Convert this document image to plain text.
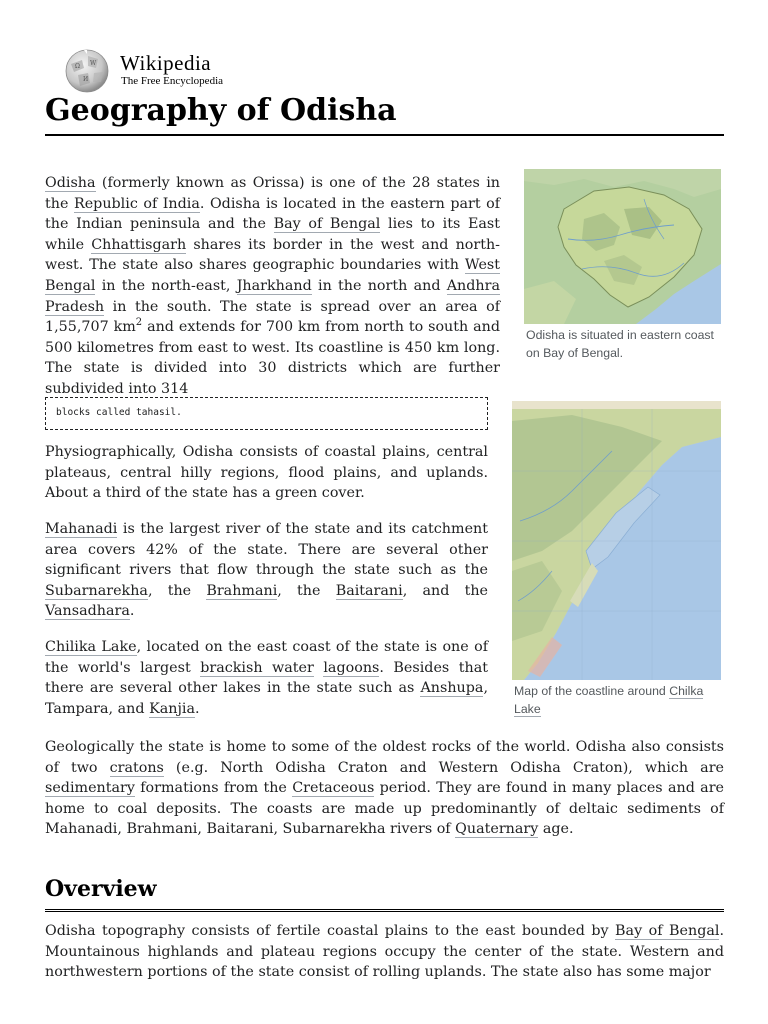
Ω W
И
Wikipedia
The Free Encyclopedia
Geography of Odisha

Odisha (formerly known as Orissa) is one of the 28 states in the Republic of India. Odisha is located in the eastern part of the Indian peninsula and the Bay of Bengal lies to its East while Chhattisgarh shares its border in the west and north-west. The state also shares geographic boundaries with West Bengal in the north-east, Jharkhand in the north and Andhra Pradesh in the south. The state is spread over an area of 1,55,707 $km^2$ and extends for 700 km from north to south and 500 kilometres from east to west. Its coastline is 450 km long. The state is divided into 30 districts which are further subdivided into 314

blocks called tahasil.

Physiographically, Odisha consists of coastal plains, central plateaus, central hilly regions, flood plains, and uplands. About a third of the state has a green cover.

Mahanadi is the largest river of the state and its catchment area covers 42% of the state. There are several other significant rivers that flow through the state such as the Subarnarekha, the Brahmani, the Baitarani, and the Vansadhara.

Chilika Lake, located on the east coast of the state is one of the world's largest brackish water lagoons. Besides that there are several other lakes in the state such as Anshupa, Tampara, and Kanjia.

Geologically the state is home to some of the oldest rocks of the world. Odisha also consists of two cratons (e.g. North Odisha Craton and Western Odisha Craton), which are sedimentary formations from the Cretaceous period. They are found in many places and are home to coal deposits. The coasts are made up predominantly of deltaic sediments of Mahanadi, Brahmani, Baitarani, Subarnarekha rivers of Quaternary age.

Odisha is situated in eastern coast on Bay of Bengal.
Map of the coastline around Chilka Lake
Overview

Odisha topography consists of fertile coastal plains to the east bounded by Bay of Bengal. Mountainous highlands and plateau regions occupy the center of the state. Western and northwestern portions of the state consist of rolling uplands. The state also has some major
